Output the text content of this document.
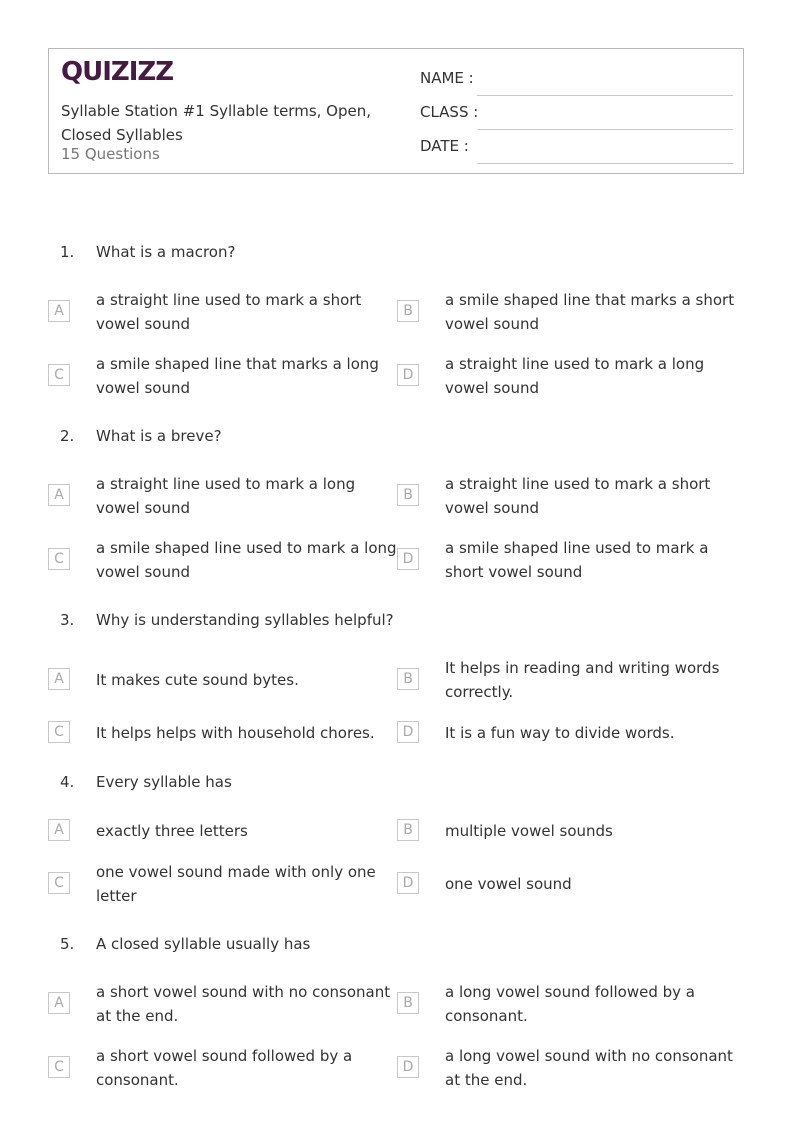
QUIZIZZ
Syllable Station #1 Syllable terms, Open, Closed Syllables
15 Questions
NAME :
CLASS :
DATE :
1. What is a macron?
A
a straight line used to mark a short vowel sound
B
a smile shaped line that marks a short vowel sound
C
a smile shaped line that marks a long vowel sound
D
a straight line used to mark a long vowel sound
2. What is a breve?
A
a straight line used to mark a long vowel sound
B
a straight line used to mark a short vowel sound
C
a smile shaped line used to mark a long vowel sound
D
a smile shaped line used to mark a short vowel sound
3. Why is understanding syllables helpful?
A	It makes cute sound bytes.	B
It helps in reading and writing words correctly.
C	It helps helps with household chores.	D	It is a fun way to divide words.
4. Every syllable has
A	exactly three letters	B	multiple vowel sounds
C
one vowel sound made with only one letter
D	one vowel sound
5. A closed syllable usually has
A
a short vowel sound with no consonant at the end.
B
a long vowel sound followed by a consonant.
C
a short vowel sound followed by a consonant.
D
a long vowel sound with no consonant at the end.
